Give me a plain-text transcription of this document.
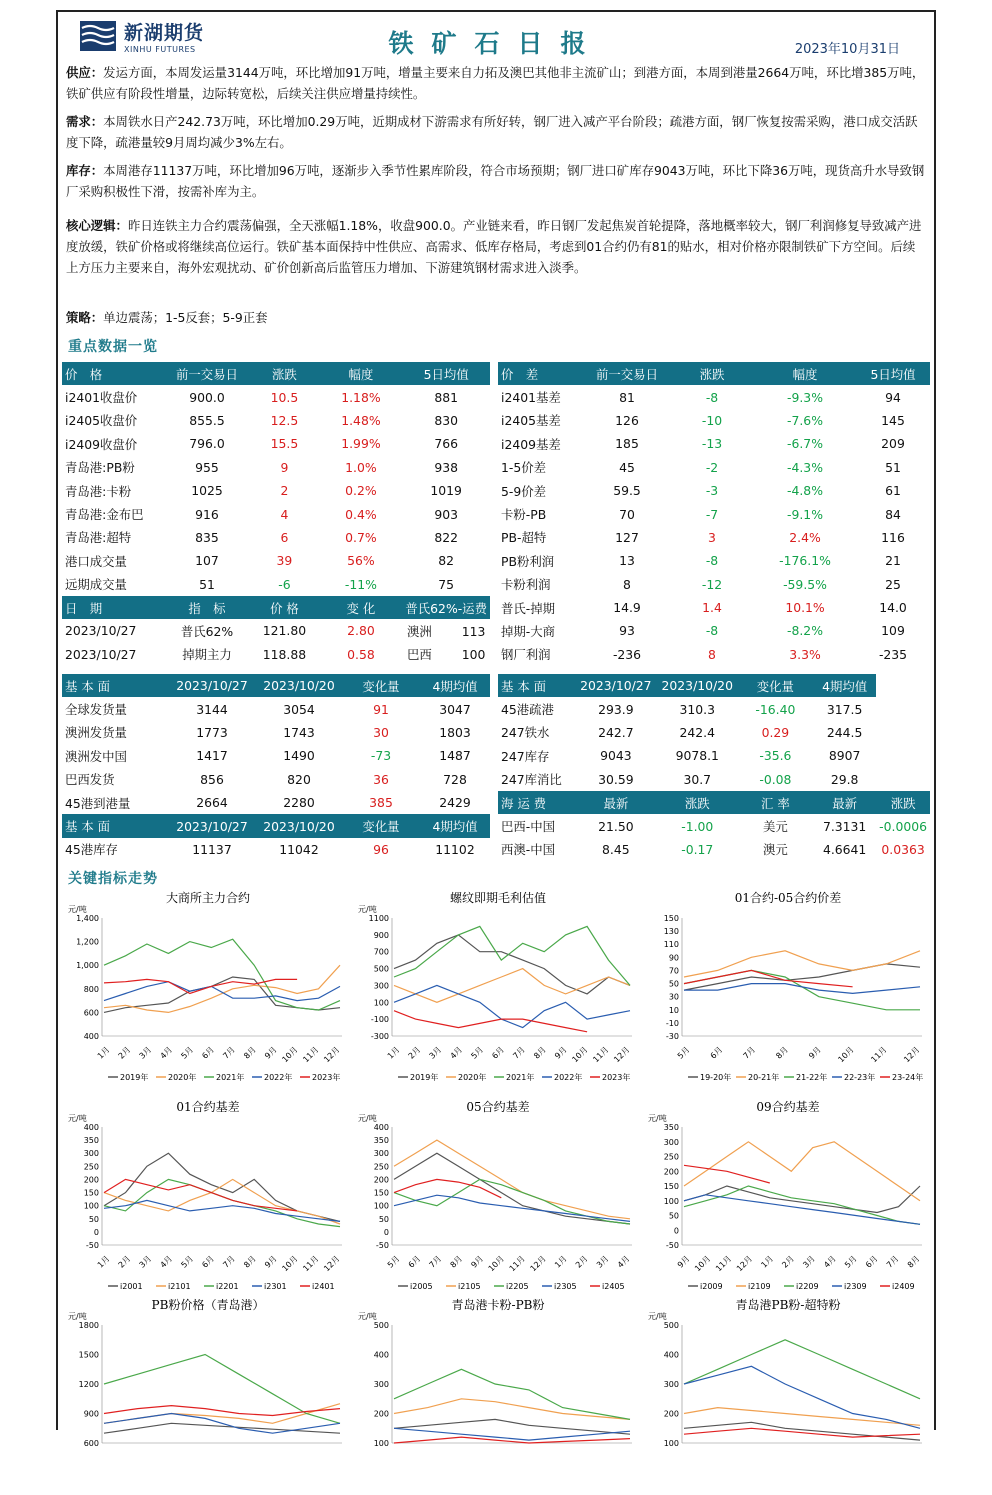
新湖期货
XINHU FUTURES	铁矿石日报	2023年10月31日
供应：发运方面，本周发运量3144万吨，环比增加91万吨，增量主要来自力拓及澳巴其他非主流矿山；到港方面，本周到港量2664万吨，环比增385万吨，铁矿供应有阶段性增量，边际转宽松，后续关注供应增量持续性。
需求：本周铁水日产242.73万吨，环比增加0.29万吨，近期成材下游需求有所好转，钢厂进入减产平台阶段；疏港方面，钢厂恢复按需采购，港口成交活跃度下降，疏港量较9月周均减少3%左右。
库存：本周港存11137万吨，环比增加96万吨，逐渐步入季节性累库阶段，符合市场预期；钢厂进口矿库存9043万吨，环比下降36万吨，现货高升水导致钢厂采购积极性下滑，按需补库为主。
核心逻辑：昨日连铁主力合约震荡偏强，全天涨幅1.18%，收盘900.0。产业链来看，昨日钢厂发起焦炭首轮提降，落地概率较大，钢厂利润修复导致减产进度放缓，铁矿价格或将继续高位运行。铁矿基本面保持中性供应、高需求、低库存格局，考虑到01合约仍有81的贴水，相对价格亦限制铁矿下方空间。后续上方压力主要来自，海外宏观扰动、矿价创新高后监管压力增加、下游建筑钢材需求进入淡季。
策略：单边震荡；1-5反套；5-9正套
重点数据一览
价　格	前一交易日	涨跌	幅度	5日均值
i2401收盘价	900.0	10.5	1.18%	881
i2405收盘价	855.5	12.5	1.48%	830
i2409收盘价	796.0	15.5	1.99%	766
青岛港:PB粉	955	9	1.0%	938
青岛港:卡粉	1025	2	0.2%	1019
青岛港:金布巴	916	4	0.4%	903
青岛港:超特	835	6	0.7%	822
港口成交量	107	39	56%	82
远期成交量	51	-6	-11%	75
日　期	指　标	价 格	变 化	普氏62%-运费
2023/10/27	普氏62%	121.80	2.80	澳洲 113
2023/10/27	掉期主力	118.88	0.58	巴西 100
价　差	前一交易日	涨跌	幅度	5日均值
i2401基差	81	-8	-9.3%	94
i2405基差	126	-10	-7.6%	145
i2409基差	185	-13	-6.7%	209
1-5价差	45	-2	-4.3%	51
5-9价差	59.5	-3	-4.8%	61
卡粉-PB	70	-7	-9.1%	84
PB-超特	127	3	2.4%	116
PB粉利润	13	-8	-176.1%	21
卡粉利润	8	-12	-59.5%	25
普氏-掉期	14.9	1.4	10.1%	14.0
掉期-大商	93	-8	-8.2%	109
钢厂利润	-236	8	3.3%	-235
基 本 面	2023/10/27	2023/10/20	变化量	4期均值
全球发货量	3144	3054	91	3047
澳洲发货量	1773	1743	30	1803
澳洲发中国	1417	1490	-73	1487
巴西发货	856	820	36	728
45港到港量	2664	2280	385	2429
基 本 面	2023/10/27	2023/10/20	变化量	4期均值
45港库存	11137	11042	96	11102
基 本 面	2023/10/27	2023/10/20	变化量	4期均值	
45港疏港	293.9	310.3	-16.40	317.5	
247铁水	242.7	242.4	0.29	244.5	
247库存	9043	9078.1	-35.6	8907	
247库消比	30.59	30.7	-0.08	29.8	
海 运 费	最新	涨跌	汇 率	最新	涨跌
巴西-中国	21.50	-1.00	美元	7.3131	-0.0006
西澳-中国	8.45	-0.17	澳元	4.6641	0.0363
关键指标走势
大商所主力合约
元/吨
1,400
1,200
1,000
800
600
400
1月 2月 3月 4月 5月 6月 7月 8月 9月 10月 11月 12月
2019年 2020年 2021年 2022年 2023年
螺纹即期毛利估值
元/吨
1100
900
700
500
300
100
-100
-300
1月 2月 3月 4月 5月 6月 7月 8月 9月 10月 11月 12月
2019年 2020年 2021年 2022年 2023年
01合约-05合约价差
150
130
110
90
70
50
30
10
-10
-30
5月 6月 7月 8月 9月 10月 11月 12月
19-20年 20-21年 21-22年 22-23年 23-24年
01合约基差
元/吨
400
350
300
250
200
150
100
50
0
-50
1月 2月 3月 4月 5月 6月 7月 8月 9月 10月 11月 12月
i2001	i2101	i2201	i2301	i2401
05合约基差
元/吨
400
350
300
250
200
150
100
50
0
-50
5月 6月 7月 8月 9月 10月 11月 12月 1月 2月 3月 4月
i2005	i2105	i2205	i2305	i2405
09合约基差
元/吨
350
300
250
200
150
100
50
0
-50
9月 10月 11月 12月 1月 2月 3月 4月 5月 6月 7月 8月
i2009	i2109	i2209	i2309	i2409
PB粉价格（青岛港）
元/吨
1800
1500
1200
900
600
青岛港卡粉-PB粉
元/吨
500
400
300
200
100
青岛港PB粉-超特粉
元/吨
500
400
300
200
100
